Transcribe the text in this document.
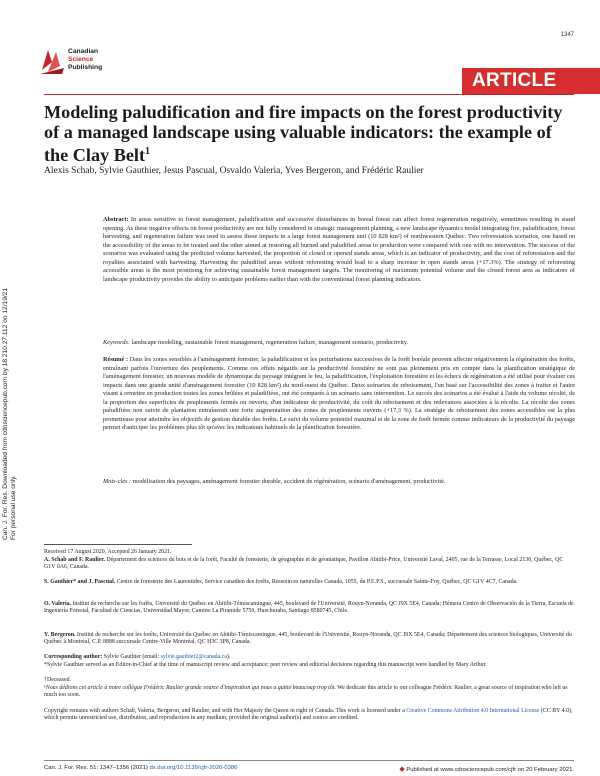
1347
Canadian
Science
Publishing
ARTICLE
Modeling paludification and fire impacts on the forest productivity of a managed landscape using valuable indicators: the example of the Clay Belt$^1$
Alexis Schab, Sylvie Gauthier, Jesus Pascual, Osvaldo Valeria, Yves Bergeron, and Frédéric Raulier
Can. J. For. Res. Downloaded from cdnsciencepub.com by 18.210.27.112 on 12/19/21 For personal use only.
Abstract: In areas sensitive to forest management, paludification and successive disturbances in boreal forest can affect forest regeneration negatively, sometimes resulting in stand opening. As these negative effects on forest productivity are not fully considered in strategic management planning, a new landscape dynamics model integrating fire, paludification, forest harvesting, and regeneration failure was used to assess these impacts in a large forest management unit (10 828 km²) of northwestern Québec. Two reforestation scenarios, one based on the accessibility of the areas to be treated and the other aimed at restoring all burned and paludified areas to production were compared with one with no intervention. The success of the scenarios was evaluated using the predicted volume harvested, the proportion of closed or opened stands areas, which is an indicator of productivity, and the cost of reforestation and the royalties associated with harvesting. Harvesting the paludified areas without reforesting would lead to a sharp increase in open stands areas (+17.3%). The strategy of reforesting accessible areas is the most promising for achieving sustainable forest management targets. The monitoring of maximum potential volume and the closed forest area as indicators of landscape productivity provides the ability to anticipate problems earlier than with the conventional forest planning indicators.
Keywords: landscape modeling, sustainable forest management, regeneration failure, management scenario, productivity.
Résumé : Dans les zones sensibles à l'aménagement forestier, la paludification et les perturbations successives de la forêt boréale peuvent affecter négativement la régénération des forêts, entraînant parfois l'ouverture des peuplements. Comme ces effets négatifs sur la productivité forestière ne sont pas pleinement pris en compte dans la planification stratégique de l'aménagement forestier, un nouveau modèle de dynamique du paysage intégrant le feu, la paludification, l'exploitation forestière et les échecs de régénération a été utilisé pour évaluer ces impacts dans une grande unité d'aménagement forestier (10 828 km²) du nord-ouest du Québec. Deux scénarios de reboisement, l'un basé sur l'accessibilité des zones à traiter et l'autre visant à remettre en production toutes les zones brûlées et paludifiées, ont été comparés à un scénario sans intervention. Le succès des scénarios a été évalué à l'aide du volume récolté, de la proportion des superficies de peuplements fermés ou ouverts, d'un indicateur de productivité, du coût du reboisement et des redevances associées à la récolte. La récolte des zones paludifiées non suivie de plantation entraînerait une forte augmentation des zones de peuplements ouverts (+17,3 %). La stratégie de reboisement des zones accessibles est la plus prometteuse pour atteindre les objectifs de gestion durable des forêts. Le suivi du volume potentiel maximal et de la zone de forêt fermée comme indicateurs de la productivité du paysage permet d'anticiper les problèmes plus tôt qu'avec les indicateurs habituels de la planification forestière.
Mots-clés : modélisation des paysages, aménagement forestier durable, accident de régénération, scénario d'aménagement, productivité.
Received 17 August 2020. Accepted 26 January 2021.
A. Schab and F. Raulier. Département des sciences du bois et de la forêt, Faculté de foresterie, de géographie et de géomatique, Pavillon Abitibi-Price, Université Laval, 2405, rue de la Terrasse, Local 2130, Québec, QC G1V 0A6, Canada.
S. Gauthier* and J. Pascual. Centre de foresterie des Laurentides, Service canadien des forêts, Ressources naturelles Canada, 1055, du P.E.P.S., succursale Sainte-Foy, Québec, QC G1V 4C7, Canada.
O. Valeria. Institut de recherche sur les forêts, Université du Québec en Abitibi-Témiscamingue, 445, boulevard de l'Université, Rouyn-Noranda, QC J9X 5E4, Canada; Hémera Centro de Observación de la Tierra, Escuela de Ingeniería Forestal, Facultad de Ciencias, Universidad Mayor, Camino La Pirámide 5750, Huechuraba, Santiago 8580745, Chile.
Y. Bergeron. Institut de recherche sur les forêts, Université du Québec en Abitibi-Témiscamingue, 445, boulevard de l'Université, Rouyn-Noranda, QC J9X 5E4, Canada; Département des sciences biologiques, Université du Québec à Montréal, C.P. 8888 succursale Centre-Ville Montréal, QC H3C 3P8, Canada.
Corresponding author: Sylvie Gauthier (email: sylvie.gauthier2@canada.ca).
*Sylvie Gauthier served as an Editor-in-Chief at the time of manuscript review and acceptance; peer review and editorial decisions regarding this manuscript were handled by Mary Arthur.
†Deceased.
¹Nous dédions cet article à notre collègue Frédéric Raulier grande source d'inspiration qui nous a quitté beaucoup trop tôt. We dedicate this article to our colleague Frédéric Raulier, a great source of inspiration who left us much too soon.
Copyright remains with authors Schab, Valeria, Bergeron, and Raulier, and with Her Majesty the Queen in right of Canada. This work is licensed under a Creative Commons Attribution 4.0 International License (CC BY 4.0), which permits unrestricted use, distribution, and reproduction in any medium, provided the original author(s) and source are credited.
Can. J. For. Res. 51: 1347–1356 (2021) dx.doi.org/10.1139/cjfr-2020-0386	◆ Published at www.cdnsciencepub.com/cjfr on 20 February 2021.
